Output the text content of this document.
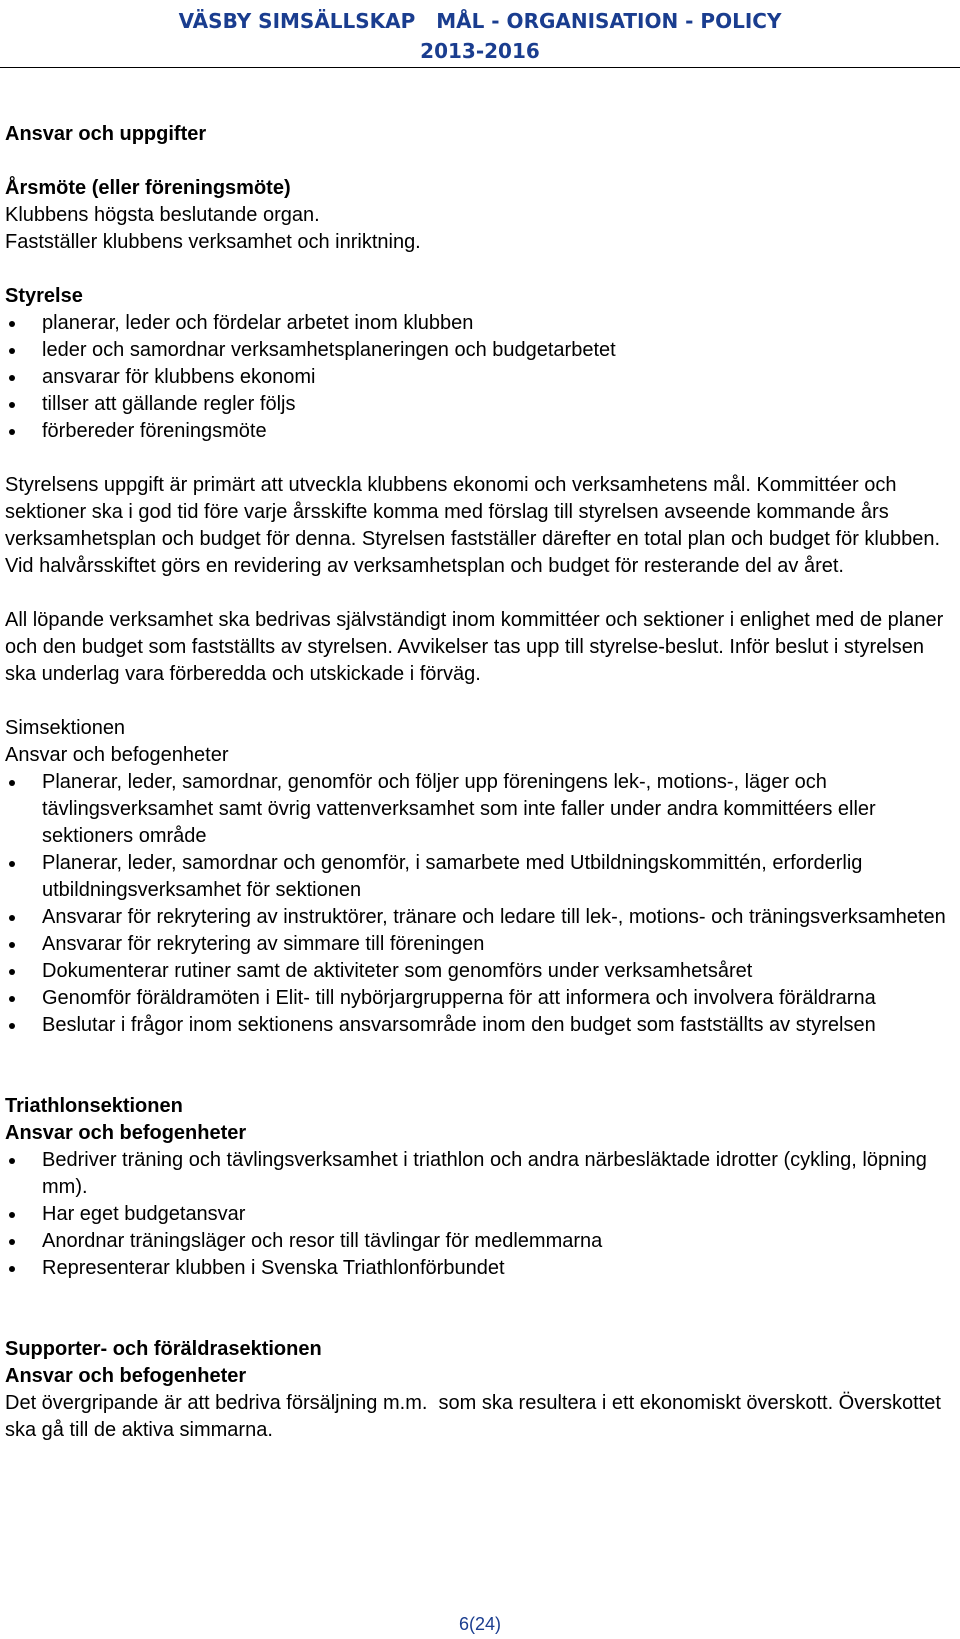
VÄSBY SIMSÄLLSKAP   MÅL - ORGANISATION - POLICY
2013-2016
Ansvar och uppgifter
Årsmöte (eller föreningsmöte)
Klubbens högsta beslutande organ.
Fastställer klubbens verksamhet och inriktning.
Styrelse
planerar, leder och fördelar arbetet inom klubben
leder och samordnar verksamhetsplaneringen och budgetarbetet
ansvarar för klubbens ekonomi
tillser att gällande regler följs
förbereder föreningsmöte
Styrelsens uppgift är primärt att utveckla klubbens ekonomi och verksamhetens mål. Kommittéer och sektioner ska i god tid före varje årsskifte komma med förslag till styrelsen avseende kommande års verksamhetsplan och budget för denna. Styrelsen fastställer därefter en total plan och budget för klubben.
Vid halvårsskiftet görs en revidering av verksamhetsplan och budget för resterande del av året.
All löpande verksamhet ska bedrivas självständigt inom kommittéer och sektioner i enlighet med de planer och den budget som fastställts av styrelsen. Avvikelser tas upp till styrelse-beslut. Inför beslut i styrelsen ska underlag vara förberedda och utskickade i förväg.
Simsektionen
Ansvar och befogenheter
Planerar, leder, samordnar, genomför och följer upp föreningens lek-, motions-, läger och tävlingsverksamhet samt övrig vattenverksamhet som inte faller under andra kommittéers eller sektioners område
Planerar, leder, samordnar och genomför, i samarbete med Utbildningskommittén, erforderlig utbildningsverksamhet för sektionen
Ansvarar för rekrytering av instruktörer, tränare och ledare till lek-, motions- och träningsverksamheten
Ansvarar för rekrytering av simmare till föreningen
Dokumenterar rutiner samt de aktiviteter som genomförs under verksamhetsåret
Genomför föräldramöten i Elit- till nybörjargrupperna för att informera och involvera föräldrarna
Beslutar i frågor inom sektionens ansvarsområde inom den budget som fastställts av styrelsen
Triathlonsektionen
Ansvar och befogenheter
Bedriver träning och tävlingsverksamhet i triathlon och andra närbesläktade idrotter (cykling, löpning mm).
Har eget budgetansvar
Anordnar träningsläger och resor till tävlingar för medlemmarna
Representerar klubben i Svenska Triathlonförbundet
Supporter- och föräldrasektionen
Ansvar och befogenheter
Det övergripande är att bedriva försäljning m.m.  som ska resultera i ett ekonomiskt överskott. Överskottet ska gå till de aktiva simmarna.
6(24)
